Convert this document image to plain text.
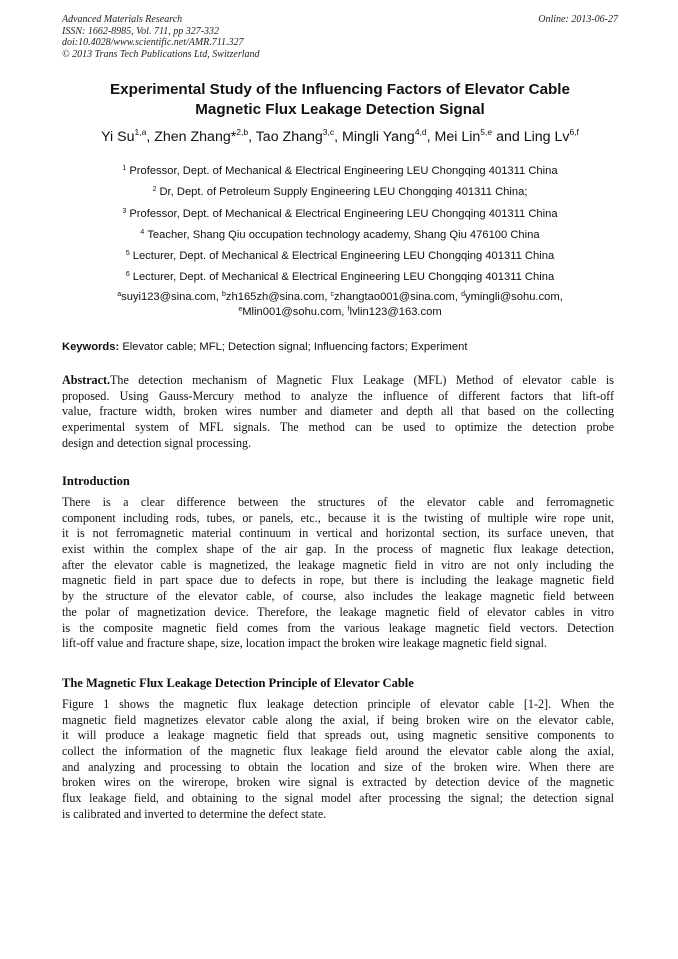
Advanced Materials Research
ISSN: 1662-8985, Vol. 711, pp 327-332
doi:10.4028/www.scientific.net/AMR.711.327
© 2013 Trans Tech Publications Ltd, Switzerland
Online: 2013-06-27
Experimental Study of the Influencing Factors of Elevator Cable
Magnetic Flux Leakage Detection Signal
Yi Su$^{1,a}$, Zhen Zhang*$^{2,b}$, Tao Zhang$^{3,c}$, Mingli Yang$^{4,d}$, Mei Lin$^{5,e}$ and Ling Lv$^{6,f}$
$^1$ Professor, Dept. of Mechanical & Electrical Engineering LEU Chongqing 401311 China
$^2$ Dr, Dept. of Petroleum Supply Engineering LEU Chongqing 401311 China;
$^3$ Professor, Dept. of Mechanical & Electrical Engineering LEU Chongqing 401311 China
$^4$ Teacher, Shang Qiu occupation technology academy, Shang Qiu 476100 China
$^5$ Lecturer, Dept. of Mechanical & Electrical Engineering LEU Chongqing 401311 China
$^6$ Lecturer, Dept. of Mechanical & Electrical Engineering LEU Chongqing 401311 China
$^a$suyi123@sina.com, $^b$zh165zh@sina.com, $^c$zhangtao001@sina.com, $^d$ymingli@sohu.com,
$^e$Mlin001@sohu.com, $^f$lvlin123@163.com
Keywords: Elevator cable; MFL; Detection signal; Influencing factors; Experiment
Abstract.The detection mechanism of Magnetic Flux Leakage (MFL) Method of elevator cable is
proposed. Using Gauss-Mercury method to analyze the influence of different factors that lift-off
value, fracture width, broken wires number and diameter and depth all that based on the collecting
experimental system of MFL signals. The method can be used to optimize the detection probe
design and detection signal processing.
Introduction
There is a clear difference between the structures of the elevator cable and ferromagnetic
component including rods, tubes, or panels, etc., because it is the twisting of multiple wire rope unit,
it is not ferromagnetic material continuum in vertical and horizontal section, its surface uneven, that
exist within the complex shape of the air gap. In the process of magnetic flux leakage detection,
after the elevator cable is magnetized, the leakage magnetic field in vitro are not only including the
magnetic field in part space due to defects in rope, but there is including the leakage magnetic field
by the structure of the elevator cable, of course, also includes the leakage magnetic field between
the polar of magnetization device. Therefore, the leakage magnetic field of elevator cables in vitro
is the composite magnetic field comes from the various leakage magnetic field vectors. Detection
lift-off value and fracture shape, size, location impact the broken wire leakage magnetic field signal.
The Magnetic Flux Leakage Detection Principle of Elevator Cable
Figure 1 shows the magnetic flux leakage detection principle of elevator cable [1-2]. When the
magnetic field magnetizes elevator cable along the axial, if being broken wire on the elevator cable,
it will produce a leakage magnetic field that spreads out, using magnetic sensitive components to
collect the information of the magnetic flux leakage field around the elevator cable along the axial,
and analyzing and processing to obtain the location and size of the broken wire. When there are
broken wires on the wirerope, broken wire signal is extracted by detection device of the magnetic
flux leakage field, and obtaining to the signal model after processing the signal; the detection signal
is calibrated and inverted to determine the defect state.
